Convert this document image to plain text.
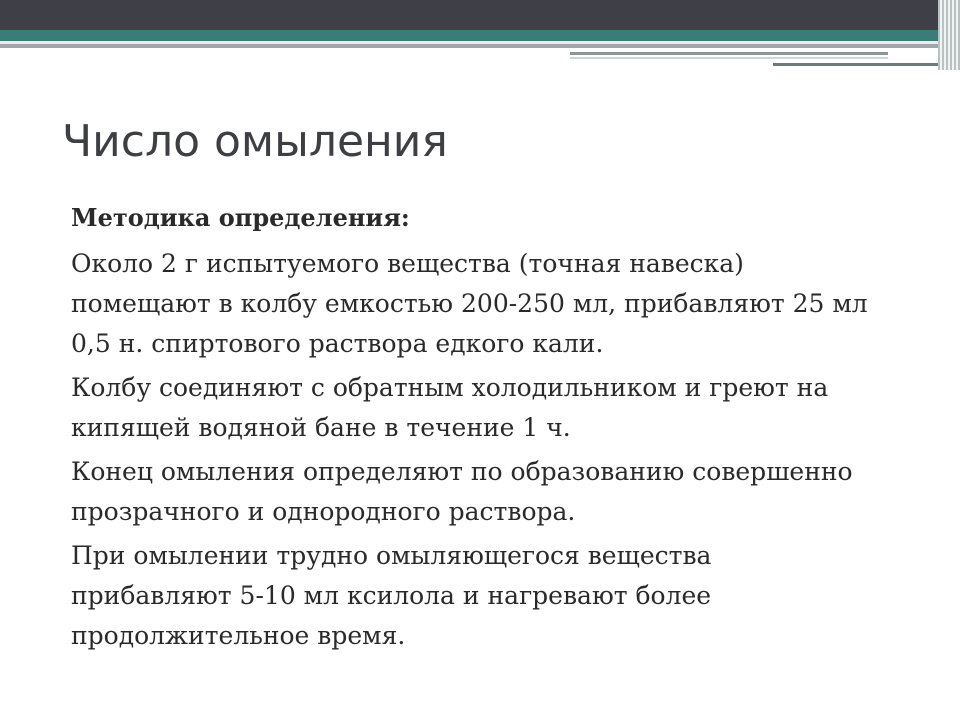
Число омыления

Методика определения:

Около 2 г испытуемого вещества (точная навеска) помещают в колбу емкостью 200-250 мл, прибавляют 25 мл 0,5 н. спиртового раствора едкого кали.

Колбу соединяют с обратным холодильником и греют на кипящей водяной бане в течение 1 ч.

Конец омыления определяют по образованию совершенно прозрачного и однородного раствора.

При омылении трудно омыляющегося вещества прибавляют 5-10 мл ксилола и нагревают более продолжительное время.
